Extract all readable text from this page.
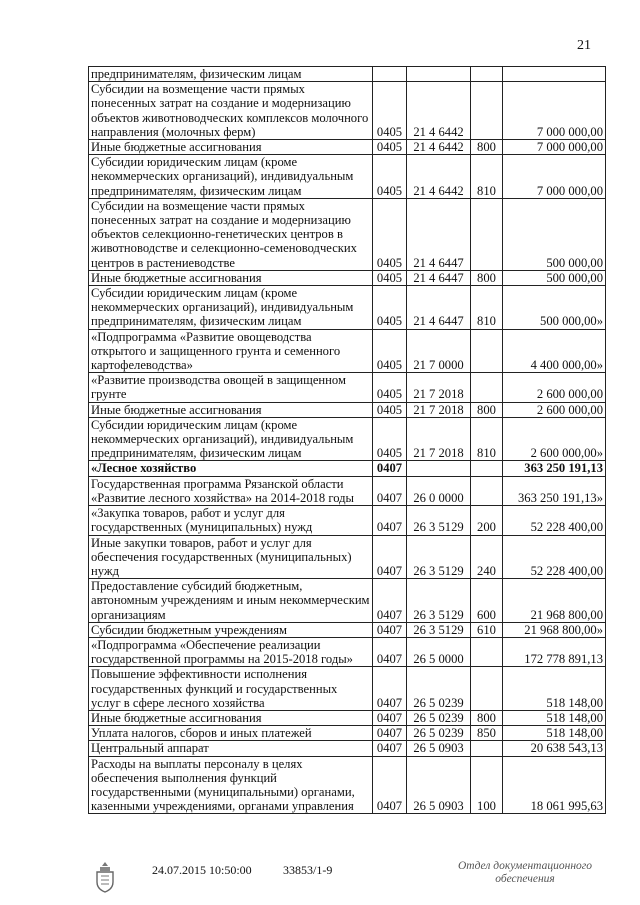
21
предпринимателям, физическим лицам				
Субсидии на возмещение части прямых понесенных затрат на создание и модернизацию объектов животноводческих комплексов молочного направления (молочных ферм)	0405	21 4 6442		7 000 000,00
Иные бюджетные ассигнования	0405	21 4 6442	800	7 000 000,00
Субсидии юридическим лицам (кроме некоммерческих организаций), индивидуальным предпринимателям, физическим лицам	0405	21 4 6442	810	7 000 000,00
Субсидии на возмещение части прямых понесенных затрат на создание и модернизацию объектов селекционно-генетических центров в животноводстве и селекционно-семеноводческих центров в растениеводстве	0405	21 4 6447		500 000,00
Иные бюджетные ассигнования	0405	21 4 6447	800	500 000,00
Субсидии юридическим лицам (кроме некоммерческих организаций), индивидуальным предпринимателям, физическим лицам	0405	21 4 6447	810	500 000,00»
«Подпрограмма «Развитие овощеводства открытого и защищенного грунта и семенного картофелеводства»	0405	21 7 0000		4 400 000,00»
«Развитие производства овощей в защищенном грунте	0405	21 7 2018		2 600 000,00
Иные бюджетные ассигнования	0405	21 7 2018	800	2 600 000,00
Субсидии юридическим лицам (кроме некоммерческих организаций), индивидуальным предпринимателям, физическим лицам	0405	21 7 2018	810	2 600 000,00»
«Лесное хозяйство	0407			363 250 191,13
Государственная программа Рязанской области «Развитие лесного хозяйства» на 2014-2018 годы	0407	26 0 0000		363 250 191,13»
«Закупка товаров, работ и услуг для государственных (муниципальных) нужд	0407	26 3 5129	200	52 228 400,00
Иные закупки товаров, работ и услуг для обеспечения государственных (муниципальных) нужд	0407	26 3 5129	240	52 228 400,00
Предоставление субсидий бюджетным, автономным учреждениям и иным некоммерческим организациям	0407	26 3 5129	600	21 968 800,00
Субсидии бюджетным учреждениям	0407	26 3 5129	610	21 968 800,00»
«Подпрограмма «Обеспечение реализации государственной программы на 2015-2018 годы»	0407	26 5 0000		172 778 891,13
Повышение эффективности исполнения государственных функций и государственных услуг в сфере лесного хозяйства	0407	26 5 0239		518 148,00
Иные бюджетные ассигнования	0407	26 5 0239	800	518 148,00
Уплата налогов, сборов и иных платежей	0407	26 5 0239	850	518 148,00
Центральный аппарат	0407	26 5 0903		20 638 543,13
Расходы на выплаты персоналу в целях обеспечения выполнения функций государственными (муниципальными) органами, казенными учреждениями, органами управления	0407	26 5 0903	100	18 061 995,63
24.07.2015 10:50:00	33853/1-9	Отдел документационного
обеспечения
